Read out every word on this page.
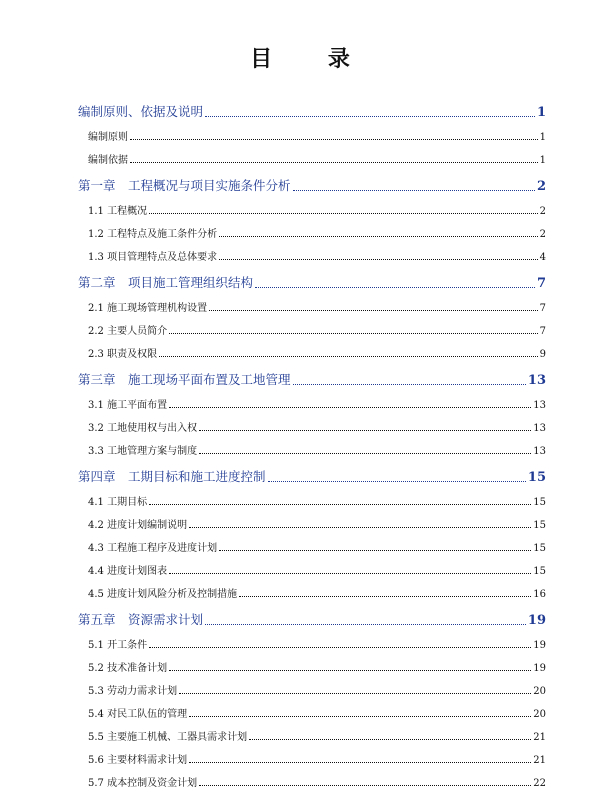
目 录
编制原则、依据及说明	1
编制原则	1
编制依据	1
第一章　工程概况与项目实施条件分析	2
1.1 工程概况	2
1.2 工程特点及施工条件分析	2
1.3 项目管理特点及总体要求	4
第二章　项目施工管理组织结构	7
2.1 施工现场管理机构设置	7
2.2 主要人员简介	7
2.3 职责及权限	9
第三章　施工现场平面布置及工地管理	13
3.1 施工平面布置	13
3.2 工地使用权与出入权	13
3.3 工地管理方案与制度	13
第四章　工期目标和施工进度控制	15
4.1 工期目标	15
4.2 进度计划编制说明	15
4.3 工程施工程序及进度计划	15
4.4 进度计划图表	15
4.5 进度计划风险分析及控制措施	16
第五章　资源需求计划	19
5.1 开工条件	19
5.2 技术准备计划	19
5.3 劳动力需求计划	20
5.4 对民工队伍的管理	20
5.5 主要施工机械、工器具需求计划	21
5.6 主要材料需求计划	21
5.7 成本控制及资金计划	22
